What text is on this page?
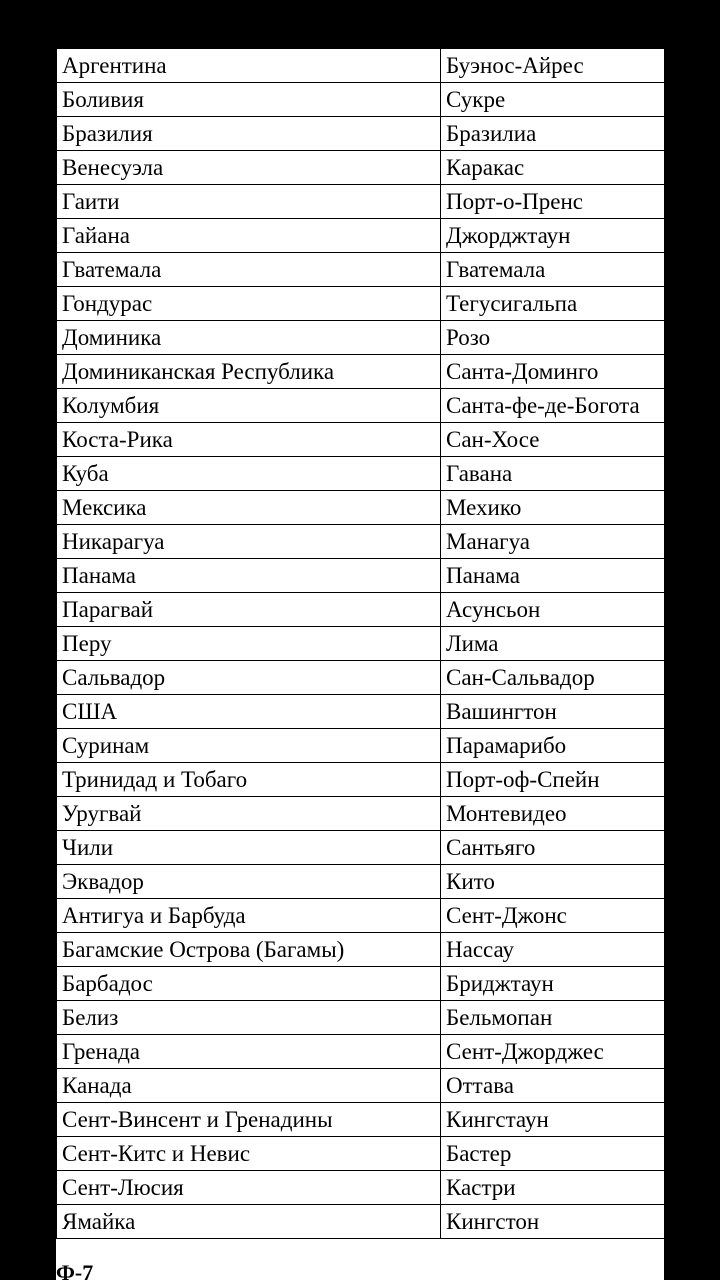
Аргентина	Буэнос-Айрес
Боливия	Сукре
Бразилия	Бразилиа
Венесуэла	Каракас
Гаити	Порт-о-Пренс
Гайана	Джорджтаун
Гватемала	Гватемала
Гондурас	Тегусигальпа
Доминика	Розо
Доминиканская Республика	Санта-Доминго
Колумбия	Санта-фе-де-Богота
Коста-Рика	Сан-Хосе
Куба	Гавана
Мексика	Мехико
Никарагуа	Манагуа
Панама	Панама
Парагвай	Асунсьон
Перу	Лима
Сальвадор	Сан-Сальвадор
США	Вашингтон
Суринам	Парамарибо
Тринидад и Тобаго	Порт-оф-Спейн
Уругвай	Монтевидео
Чили	Сантьяго
Эквадор	Кито
Антигуа и Барбуда	Сент-Джонс
Багамские Острова (Багамы)	Нассау
Барбадос	Бриджтаун
Белиз	Бельмопан
Гренада	Сент-Джорджес
Канада	Оттава
Сент-Винсент и Гренадины	Кингстаун
Сент-Китс и Невис	Бастер
Сент-Люсия	Кастри
Ямайка	Кингстон
Ф-7
